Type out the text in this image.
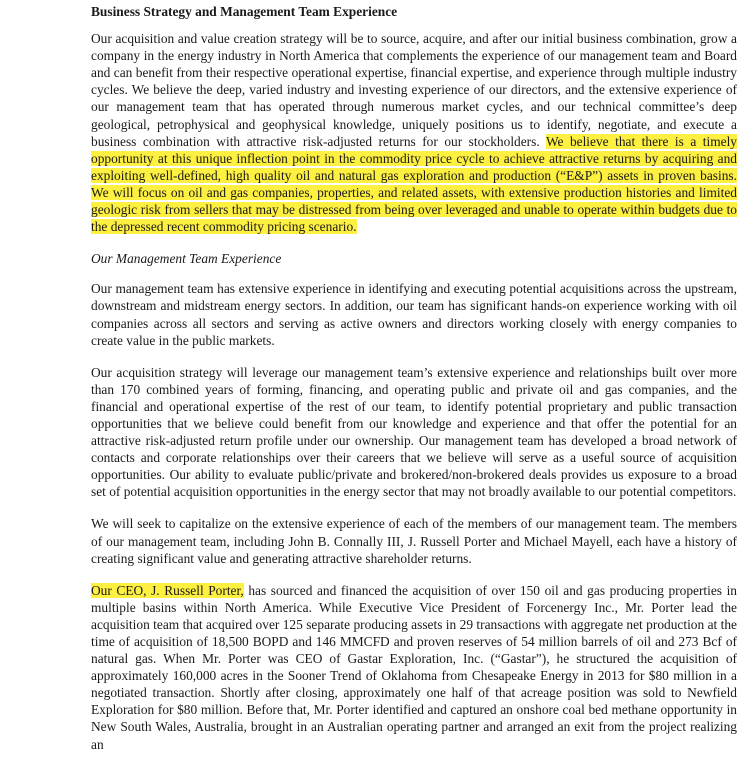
Business Strategy and Management Team Experience

Our acquisition and value creation strategy will be to source, acquire, and after our initial business combination, grow a company in the energy industry in North America that complements the experience of our management team and Board and can benefit from their respective operational expertise, financial expertise, and experience through multiple industry cycles. We believe the deep, varied industry and investing experience of our directors, and the extensive experience of our management team that has operated through numerous market cycles, and our technical committee’s deep geological, petrophysical and geophysical knowledge, uniquely positions us to identify, negotiate, and execute a business combination with attractive risk-adjusted returns for our stockholders. We believe that there is a timely opportunity at this unique inflection point in the commodity price cycle to achieve attractive returns by acquiring and exploiting well-defined, high quality oil and natural gas exploration and production (“E&P”) assets in proven basins. We will focus on oil and gas companies, properties, and related assets, with extensive production histories and limited geologic risk from sellers that may be distressed from being over leveraged and unable to operate within budgets due to the depressed recent commodity pricing scenario.

Our Management Team Experience

Our management team has extensive experience in identifying and executing potential acquisitions across the upstream, downstream and midstream energy sectors. In addition, our team has significant hands-on experience working with oil companies across all sectors and serving as active owners and directors working closely with energy companies to create value in the public markets.

Our acquisition strategy will leverage our management team’s extensive experience and relationships built over more than 170 combined years of forming, financing, and operating public and private oil and gas companies, and the financial and operational expertise of the rest of our team, to identify potential proprietary and public transaction opportunities that we believe could benefit from our knowledge and experience and that offer the potential for an attractive risk-adjusted return profile under our ownership. Our management team has developed a broad network of contacts and corporate relationships over their careers that we believe will serve as a useful source of acquisition opportunities. Our ability to evaluate public/private and brokered/non-brokered deals provides us exposure to a broad set of potential acquisition opportunities in the energy sector that may not broadly available to our potential competitors.

We will seek to capitalize on the extensive experience of each of the members of our management team. The members of our management team, including John B. Connally III, J. Russell Porter and Michael Mayell, each have a history of creating significant value and generating attractive shareholder returns.

Our CEO, J. Russell Porter, has sourced and financed the acquisition of over 150 oil and gas producing properties in multiple basins within North America. While Executive Vice President of Forcenergy Inc., Mr. Porter lead the acquisition team that acquired over 125 separate producing assets in 29 transactions with aggregate net production at the time of acquisition of 18,500 BOPD and 146 MMCFD and proven reserves of 54 million barrels of oil and 273 Bcf of natural gas. When Mr. Porter was CEO of Gastar Exploration, Inc. (“Gastar”), he structured the acquisition of approximately 160,000 acres in the Sooner Trend of Oklahoma from Chesapeake Energy in 2013 for $80 million in a negotiated transaction. Shortly after closing, approximately one half of that acreage position was sold to Newfield Exploration for $80 million. Before that, Mr. Porter identified and captured an onshore coal bed methane opportunity in New South Wales, Australia, brought in an Australian operating partner and arranged an exit from the project realizing an
